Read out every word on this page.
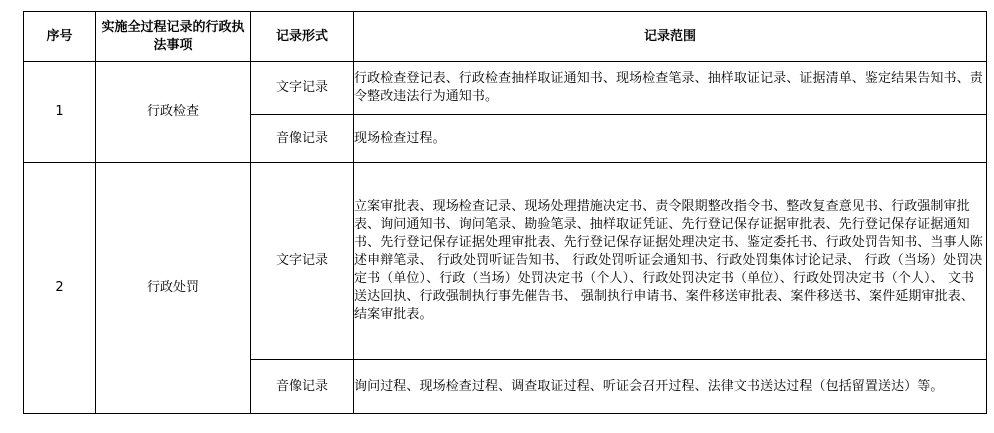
序号	实施全过程记录的行政执法事项	记录形式	记录范围
1	行政检查	文字记录	行政检查登记表、行政检查抽样取证通知书、现场检查笔录、抽样取证记录、证据清单、鉴定结果告知书、责令整改违法行为通知书。
		音像记录	现场检查过程。
2	行政处罚	文字记录	立案审批表、现场检查记录、现场处理措施决定书、责令限期整改指令书、整改复查意见书、行政强制审批表、询问通知书、询问笔录、勘验笔录、抽样取证凭证、先行登记保存证据审批表、先行登记保存证据通知书、先行登记保存证据处理审批表、先行登记保存证据处理决定书、鉴定委托书、行政处罚告知书、当事人陈述申辩笔录、 行政处罚听证告知书、 行政处罚听证会通知书、行政处罚集体讨论记录、 行政（当场）处罚决定书（单位）、行政（当场）处罚决定书（个人）、行政处罚决定书（单位）、行政处罚决定书（个人）、 文书送达回执、行政强制执行事先催告书、 强制执行申请书、案件移送审批表、案件移送书、案件延期审批表、 结案审批表。
		音像记录	询问过程、现场检查过程、调查取证过程、听证会召开过程、法律文书送达过程（包括留置送达）等。
